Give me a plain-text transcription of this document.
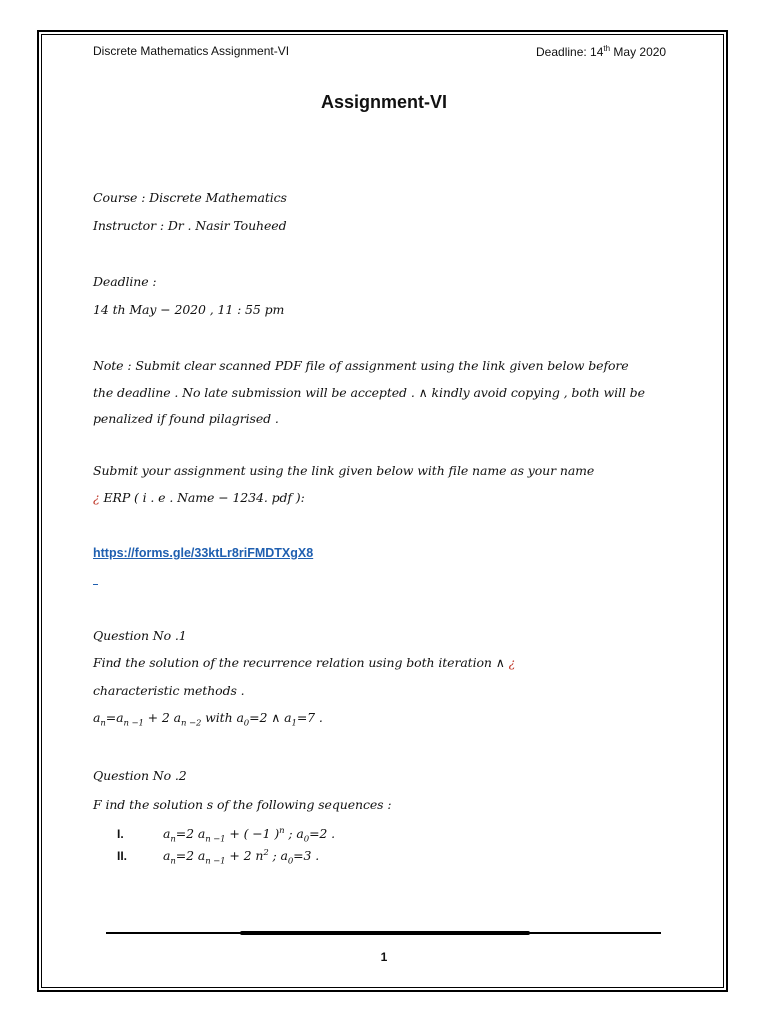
Discrete Mathematics Assignment-VI	Deadline: 14th May 2020
Assignment-VI
Course : Discrete Mathematics
Instructor : Dr . Nasir Touheed
Deadline :
14 th May − 2020 , 11 : 55 pm
Note : Submit clear scanned PDF file of assignment using the link given below before
the deadline . No late submission will be accepted . ∧ kindly avoid copying , both will be
penalized if found pilagrised .
Submit your assignment using the link given below with file name as your name
¿ ERP ( i . e . Name − 1234. pdf ):
https://forms.gle/33ktLr8riFMDTXgX8
Question No .1
Find the solution of the recurrence relation using both iteration ∧ ¿
characteristic methods .
$a_n=a_{n -1} + 2$ $a_{n -2}$ with $a_0=2$ ∧ $a_1=7$ .
Question No .2
F ind the solution s of the following sequences :
I.	$a_n=2$ $a_{n -1}$ + ( −1 )$^n$ ; $a_0=2$ .
II.	$a_n=2$ $a_{n -1} + 2$ $n^2$ ; $a_0=3$ .
1
